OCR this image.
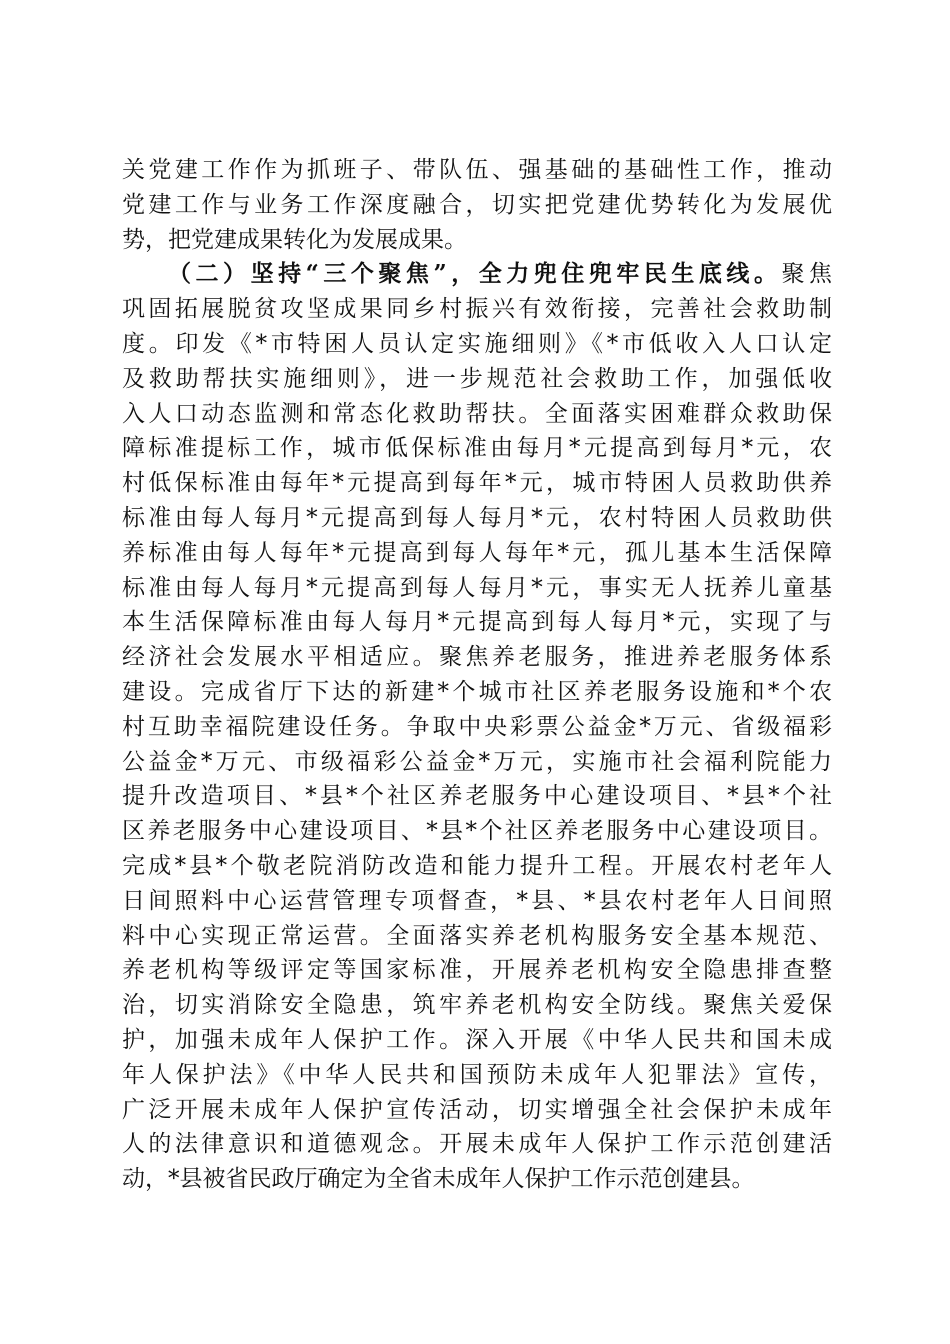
关党建工作作为抓班子、带队伍、强基础的基础性工作，推动
党建工作与业务工作深度融合，切实把党建优势转化为发展优
势，把党建成果转化为发展成果。
（二）坚持“三个聚焦”，全力兜住兜牢民生底线。聚焦
巩固拓展脱贫攻坚成果同乡村振兴有效衔接，完善社会救助制
度。印发《*市特困人员认定实施细则》《*市低收入人口认定
及救助帮扶实施细则》，进一步规范社会救助工作，加强低收
入人口动态监测和常态化救助帮扶。全面落实困难群众救助保
障标准提标工作，城市低保标准由每月*元提高到每月*元，农
村低保标准由每年*元提高到每年*元，城市特困人员救助供养
标准由每人每月*元提高到每人每月*元，农村特困人员救助供
养标准由每人每年*元提高到每人每年*元，孤儿基本生活保障
标准由每人每月*元提高到每人每月*元，事实无人抚养儿童基
本生活保障标准由每人每月*元提高到每人每月*元，实现了与
经济社会发展水平相适应。聚焦养老服务，推进养老服务体系
建设。完成省厅下达的新建*个城市社区养老服务设施和*个农
村互助幸福院建设任务。争取中央彩票公益金*万元、省级福彩
公益金*万元、市级福彩公益金*万元，实施市社会福利院能力
提升改造项目、*县*个社区养老服务中心建设项目、*县*个社
区养老服务中心建设项目、*县*个社区养老服务中心建设项目。
完成*县*个敬老院消防改造和能力提升工程。开展农村老年人
日间照料中心运营管理专项督查，*县、*县农村老年人日间照
料中心实现正常运营。全面落实养老机构服务安全基本规范、
养老机构等级评定等国家标准，开展养老机构安全隐患排查整
治，切实消除安全隐患，筑牢养老机构安全防线。聚焦关爱保
护，加强未成年人保护工作。深入开展《中华人民共和国未成
年人保护法》《中华人民共和国预防未成年人犯罪法》宣传，
广泛开展未成年人保护宣传活动，切实增强全社会保护未成年
人的法律意识和道德观念。开展未成年人保护工作示范创建活
动，*县被省民政厅确定为全省未成年人保护工作示范创建县。
